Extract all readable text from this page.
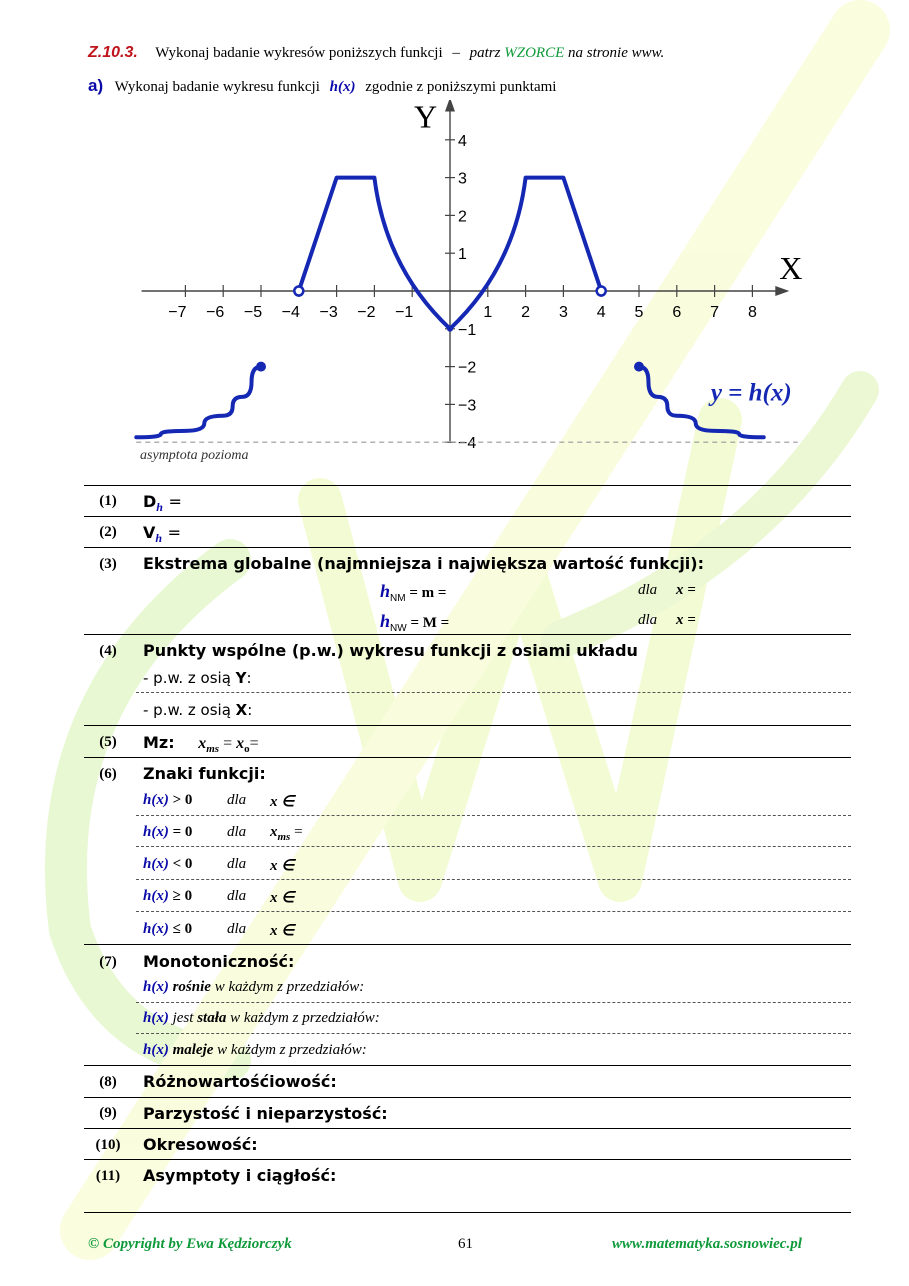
Z.10.3. Wykonaj badanie wykresów poniższych funkcji – patrz WZORCE na stronie www.
a) Wykonaj badanie wykresu funkcji h(x) zgodnie z poniższymi punktami
X
Y
−7 −6 −5 −4 −3 −2 −1	1 2 3 4 5 6 7 8
4
3
2
1
−1
−2
−3
−4
asymptota pozioma
y = h(x)
(1)	$D_h$ =
(2)	$V_h$ =
(3)	Ekstrema globalne (najmniejsza i największa wartość funkcji):
$h_{NM} = m$ =	dla x =
$h_{NW} = M$ =	dla x =
(4)	Punkty wspólne (p.w.) wykresu funkcji z osiami układu
- p.w. z osią Y:
- p.w. z osią X:
(5)	Mz: $x_{ms} = x_o=$
(6)	Znaki funkcji:
h(x) > 0 dla x ∈
h(x) = 0 dla $x_{ms}$ =
h(x) < 0 dla x ∈
h(x) ≥ 0 dla x ∈
h(x) ≤ 0 dla x ∈
(7)	Monotoniczność:
h(x) rośnie w każdym z przedziałów:
h(x) jest stała w każdym z przedziałów:
h(x) maleje w każdym z przedziałów:
(8)	Różnowartośćiowość:
(9)	Parzystość i nieparzystość:
(10)	Okresowość:
(11)	Asymptoty i ciągłość:
© Copyright by Ewa Kędziorczyk	61	www.matematyka.sosnowiec.pl
